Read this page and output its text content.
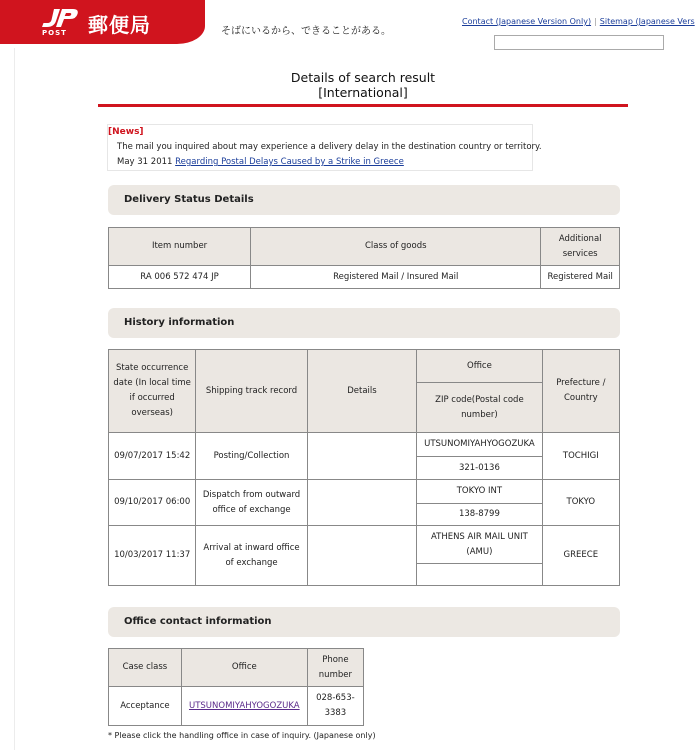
POST 郵便局	そばにいるから、できることがある。
Contact (Japanese Version Only) | Sitemap (Japanese Vers
Details of search result
[International]
[News]
The mail you inquired about may experience a delivery delay in the destination country or territory.
May 31 2011 Regarding Postal Delays Caused by a Strike in Greece
Delivery Status Details
Item number	Class of goods	Additional services
RA 006 572 474 JP	Registered Mail / Insured Mail	Registered Mail
History information
State occurrence date (In local time if occurred overseas)	Shipping track record	Details	Office	Prefecture / Country
			ZIP code(Postal code number)	
09/07/2017 15:42	Posting/Collection		UTSUNOMIYAHYOGOZUKA	TOCHIGI
			321-0136	
09/10/2017 06:00	Dispatch from outward office of exchange		TOKYO INT	TOKYO
			138-8799	
10/03/2017 11:37	Arrival at inward office of exchange		ATHENS AIR MAIL UNIT (AMU)	GREECE

Office contact information
Case class	Office	Phone number
Acceptance	UTSUNOMIYAHYOGOZUKA	028-653-3383
* Please click the handling office in case of inquiry. (Japanese only)
